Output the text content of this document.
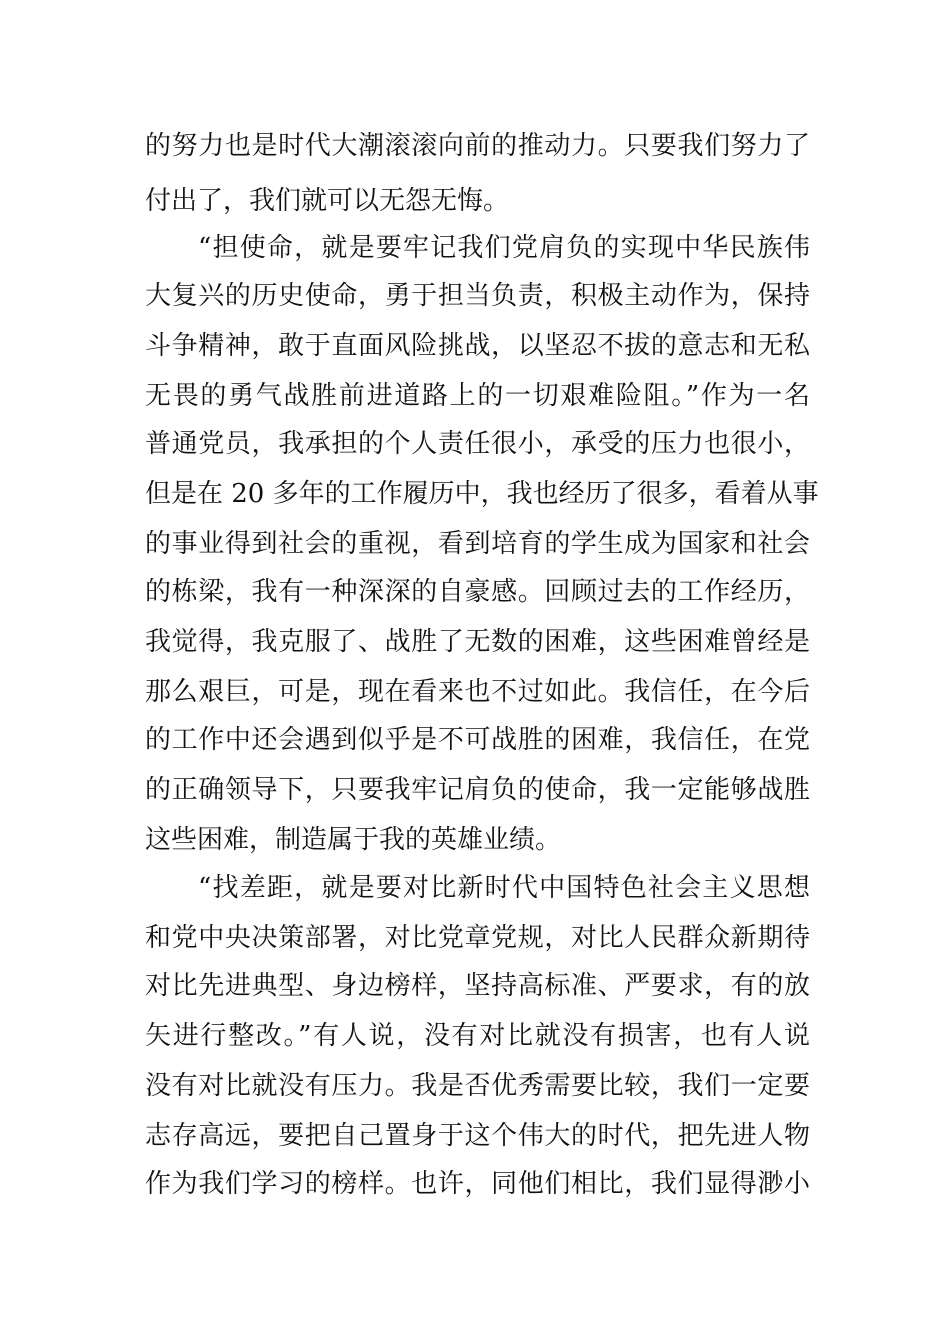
的努力也是时代大潮滚滚向前的推动力。只要我们努力了
付出了，我们就可以无怨无悔。
“担使命，就是要牢记我们党肩负的实现中华民族伟
大复兴的历史使命，勇于担当负责，积极主动作为，保持
斗争精神，敢于直面风险挑战，以坚忍不拔的意志和无私
无畏的勇气战胜前进道路上的一切艰难险阻。”作为一名
普通党员，我承担的个人责任很小，承受的压力也很小，
但是在 20 多年的工作履历中，我也经历了很多，看着从事
的事业得到社会的重视，看到培育的学生成为国家和社会
的栋梁，我有一种深深的自豪感。回顾过去的工作经历，
我觉得，我克服了、战胜了无数的困难，这些困难曾经是
那么艰巨，可是，现在看来也不过如此。我信任，在今后
的工作中还会遇到似乎是不可战胜的困难，我信任，在党
的正确领导下，只要我牢记肩负的使命，我一定能够战胜
这些困难，制造属于我的英雄业绩。
“找差距，就是要对比新时代中国特色社会主义思想
和党中央决策部署，对比党章党规，对比人民群众新期待
对比先进典型、身边榜样，坚持高标准、严要求，有的放
矢进行整改。”有人说，没有对比就没有损害，也有人说
没有对比就没有压力。我是否优秀需要比较，我们一定要
志存高远，要把自己置身于这个伟大的时代，把先进人物
作为我们学习的榜样。也许，同他们相比，我们显得渺小
